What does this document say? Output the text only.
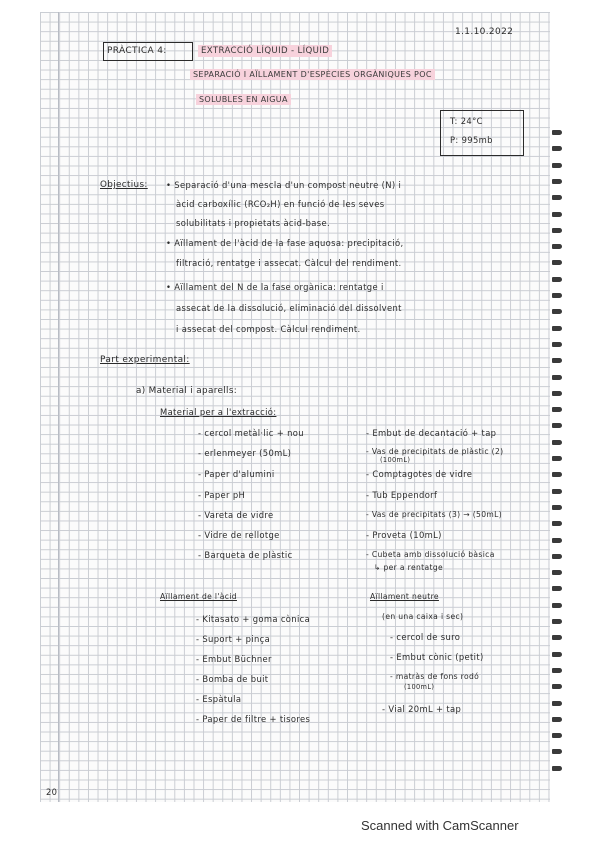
1.1.10.2022
PRÀCTICA 4:	EXTRACCIÓ LÍQUID - LÍQUID
SEPARACIÓ I AÏLLAMENT D'ESPÈCIES ORGÀNIQUES POC
SOLUBLES EN AIGUA
T: 24°C
P: 995mb
Objectius: • Separació d'una mescla d'un compost neutre (N) i
àcid carboxílic (RCO₂H) en funció de les seves
solubilitats i propietats àcid-base.
• Aïllament de l'àcid de la fase aquosa: precipitació,
filtració, rentatge i assecat. Càlcul del rendiment.
• Aïllament del N de la fase orgànica: rentatge i
assecat de la dissolució, eliminació del dissolvent
i assecat del compost. Càlcul rendiment.
Part experimental:
a) Material i aparells:
Material per a l'extracció:
- cercol metàl·lic + nou
- erlenmeyer (50mL)
- Paper d'alumini
- Paper pH
- Vareta de vidre
- Vidre de rellotge
- Barqueta de plàstic
- Embut de decantació + tap
- Vas de precipitats de plàstic (2)
(100mL)
- Comptagotes de vidre
- Tub Eppendorf
- Vas de precipitats (3) → (50mL)
- Proveta (10mL)
- Cubeta amb dissolució bàsica
↳ per a rentatge
Aïllament de l'àcid
- Kitasato + goma cònica
- Suport + pinça
- Embut Büchner
- Bomba de buit
- Espàtula
- Paper de filtre + tisores
Aïllament neutre
(en una caixa i sec)
- cercol de suro
- Embut cònic (petit)
- matràs de fons rodó
(100mL)
- Vial 20mL + tap
20
Scanned with CamScanner
